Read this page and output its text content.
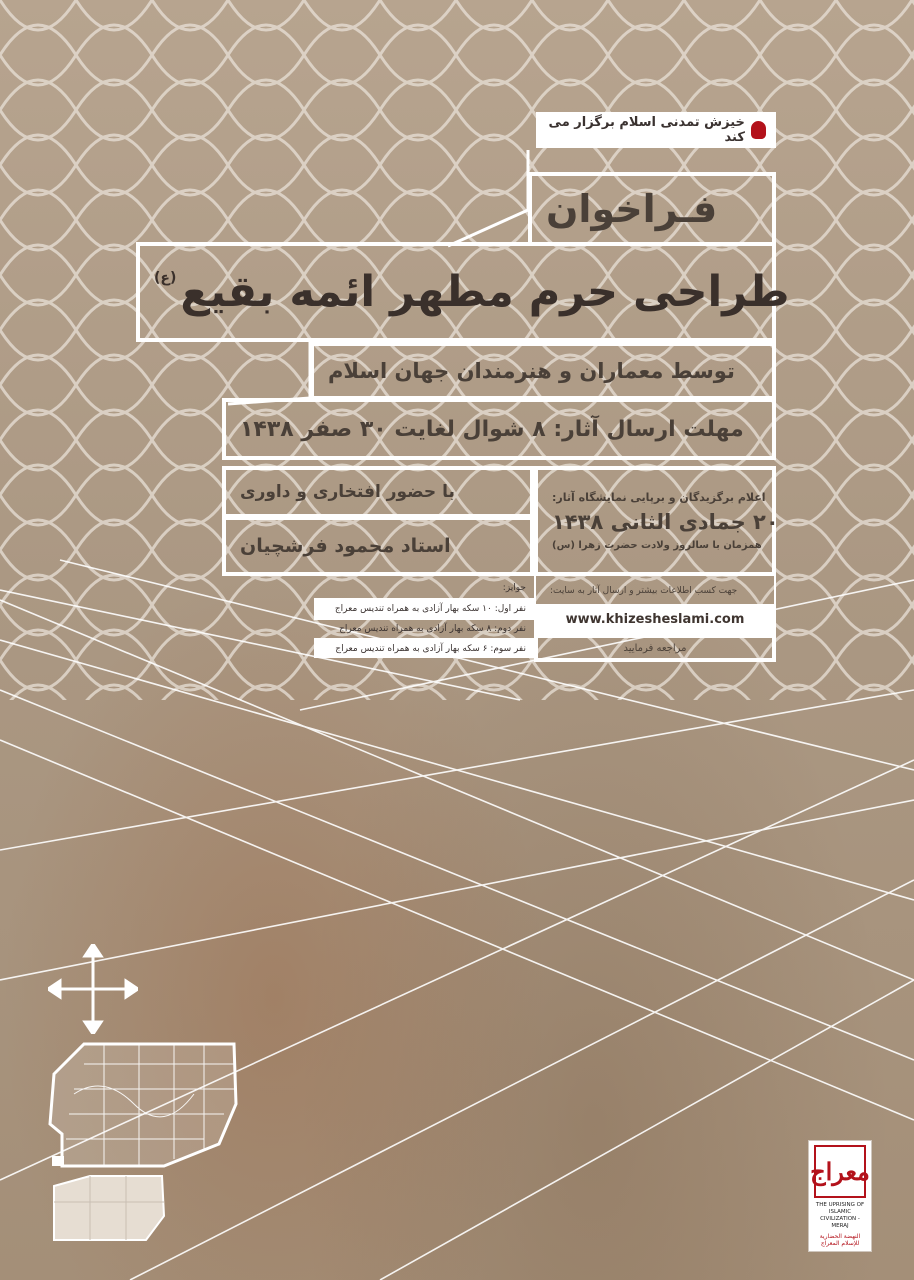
خیزش تمدنی اسلام برگزار می کند
فـراخوان
طراحی حرم مطهر ائمه بقیع
(ع)
توسط معماران و هنرمندان جهان اسلام
مهلت ارسال آثار: ۸ شوال لغایت ۳۰ صفر ۱۴۳۸
با حضور افتخاری و داوری
استاد محمود فرشچیان
اعلام برگزیدگان و برپایی نمایشگاه آثار:
۲۰ جمادی الثانی ۱۴۳۸
همزمان با سالروز ولادت حضرت زهرا (س)
جهت کسب اطلاعات بیشتر و ارسال آثار به سایت:
www.khizesheslami.com
مراجعه فرمایید
جوایز:
نفر اول: ۱۰ سکه بهار آزادی به همراه تندیس معراج
نفر دوم: ۸ سکه بهار آزادی به همراه تندیس معراج
نفر سوم: ۶ سکه بهار آزادی به همراه تندیس معراج
معراج
THE UPRISING OF ISLAMIC CIVILIZATION - MERAJ
النهضة الحضاریة للإسلام المعراج
